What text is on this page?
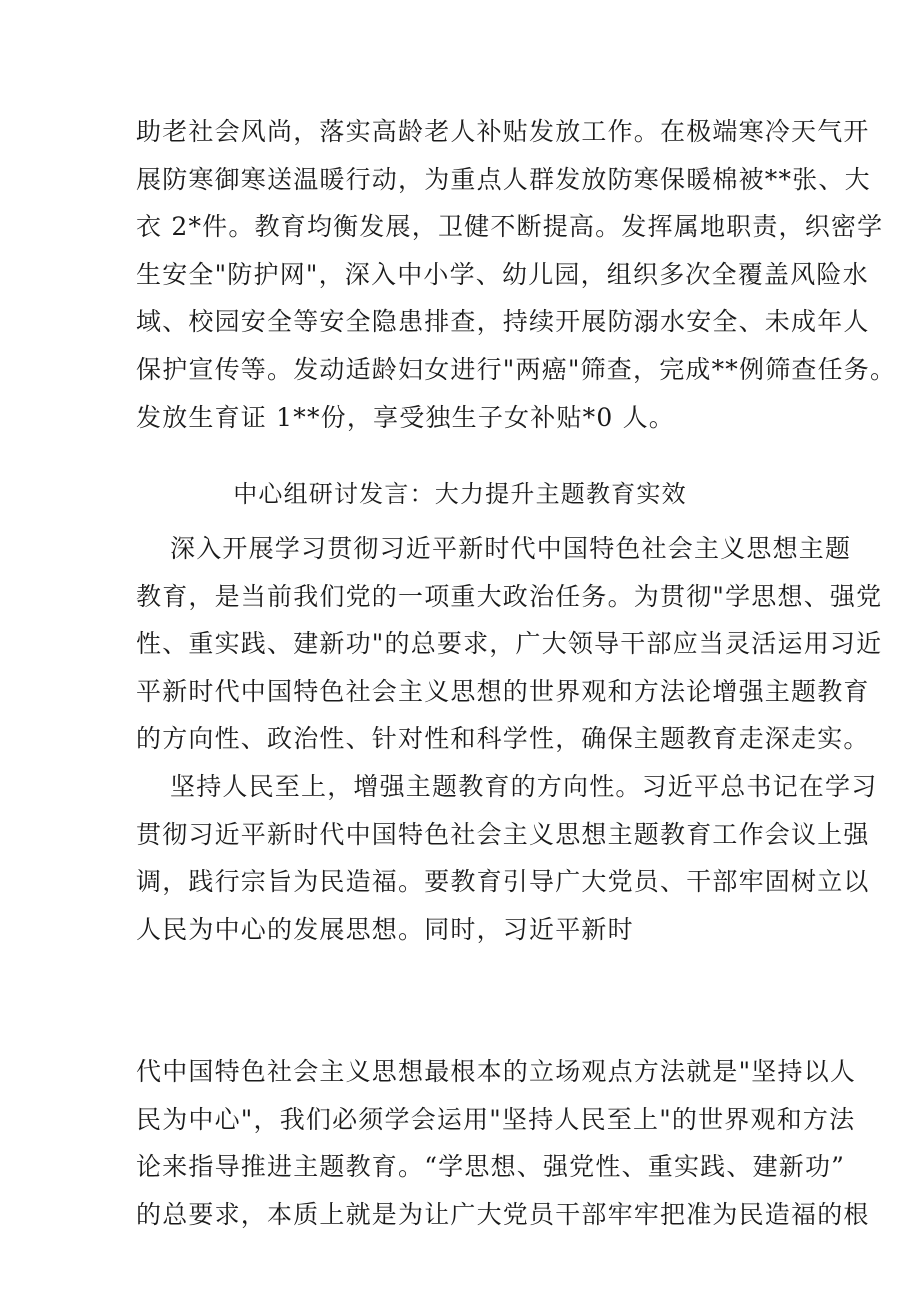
助老社会风尚，落实高龄老人补贴发放工作。在极端寒冷天气开
展防寒御寒送温暖行动，为重点人群发放防寒保暖棉被**张、大
衣 2*件。教育均衡发展，卫健不断提高。发挥属地职责，织密学
生安全"防护网"，深入中小学、幼儿园，组织多次全覆盖风险水
域、校园安全等安全隐患排查，持续开展防溺水安全、未成年人
保护宣传等。发动适龄妇女进行"两癌"筛查，完成**例筛查任务。
发放生育证 1**份，享受独生子女补贴*0 人。
中心组研讨发言：大力提升主题教育实效
深入开展学习贯彻习近平新时代中国特色社会主义思想主题
教育，是当前我们党的一项重大政治任务。为贯彻"学思想、强党
性、重实践、建新功"的总要求，广大领导干部应当灵活运用习近
平新时代中国特色社会主义思想的世界观和方法论增强主题教育
的方向性、政治性、针对性和科学性，确保主题教育走深走实。
坚持人民至上，增强主题教育的方向性。习近平总书记在学习
贯彻习近平新时代中国特色社会主义思想主题教育工作会议上强
调，践行宗旨为民造福。要教育引导广大党员、干部牢固树立以
人民为中心的发展思想。同时，习近平新时
代中国特色社会主义思想最根本的立场观点方法就是"坚持以人
民为中心"，我们必须学会运用"坚持人民至上"的世界观和方法
论来指导推进主题教育。“学思想、强党性、重实践、建新功”
的总要求，本质上就是为让广大党员干部牢牢把准为民造福的根
